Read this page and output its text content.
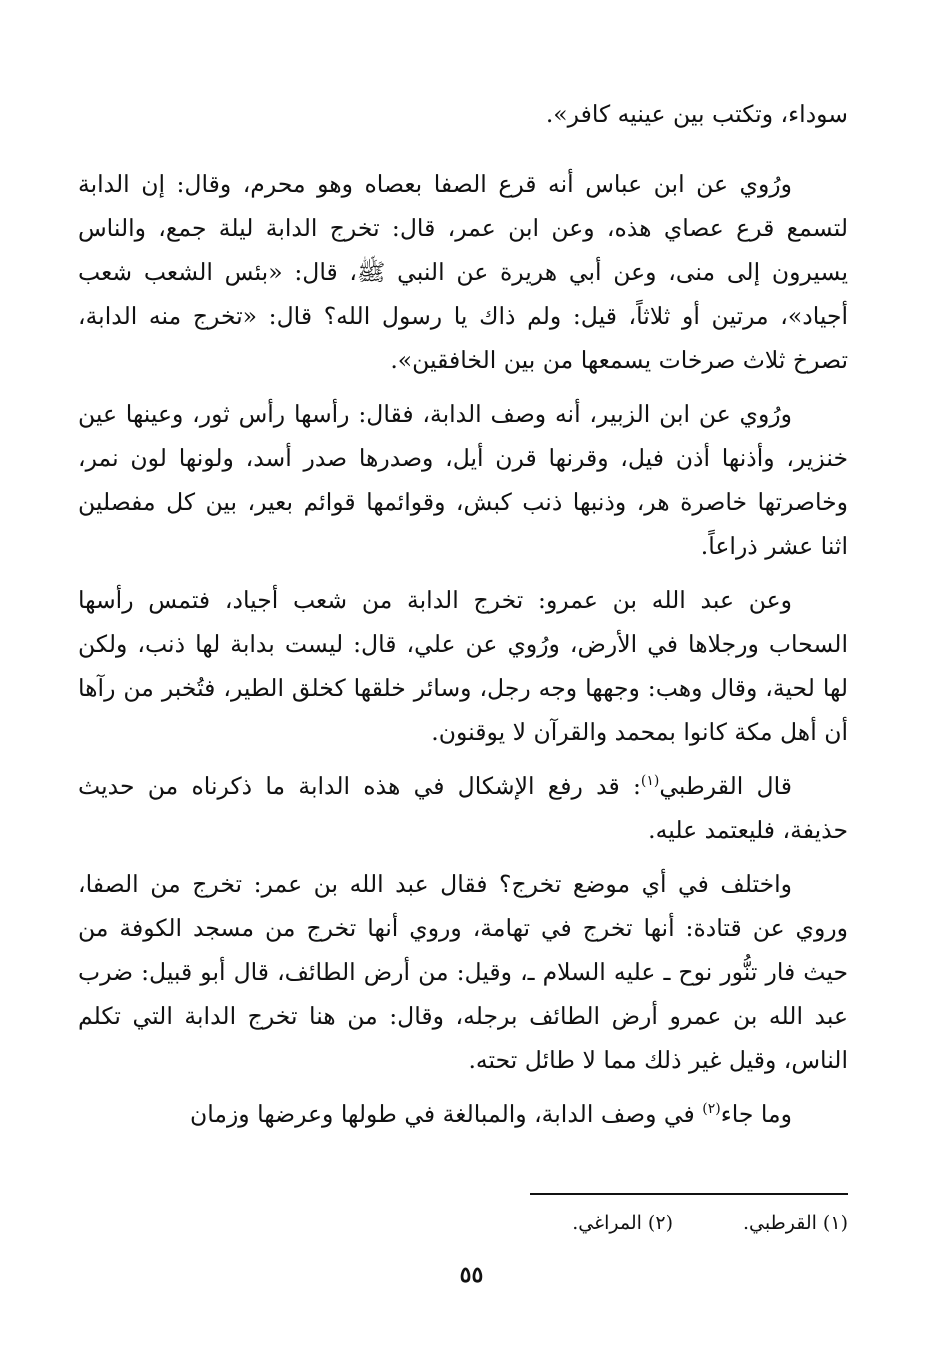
سوداء، وتكتب بين عينيه كافر».

ورُوي عن ابن عباس أنه قرع الصفا بعصاه وهو محرم، وقال: إن الدابة لتسمع قرع عصاي هذه، وعن ابن عمر، قال: تخرج الدابة ليلة جمع، والناس يسيرون إلى منى، وعن أبي هريرة عن النبي ﷺ، قال: «بئس الشعب شعب أجياد»، مرتين أو ثلاثاً، قيل: ولم ذاك يا رسول الله؟ قال: «تخرج منه الدابة، تصرخ ثلاث صرخات يسمعها من بين الخافقين».

ورُوي عن ابن الزبير، أنه وصف الدابة، فقال: رأسها رأس ثور، وعينها عين خنزير، وأذنها أذن فيل، وقرنها قرن أيل، وصدرها صدر أسد، ولونها لون نمر، وخاصرتها خاصرة هر، وذنبها ذنب كبش، وقوائمها قوائم بعير، بين كل مفصلين اثنا عشر ذراعاً.

وعن عبد الله بن عمرو: تخرج الدابة من شعب أجياد، فتمس رأسها السحاب ورجلاها في الأرض، ورُوي عن علي، قال: ليست بدابة لها ذنب، ولكن لها لحية، وقال وهب: وجهها وجه رجل، وسائر خلقها كخلق الطير، فتُخبر من رآها أن أهل مكة كانوا بمحمد والقرآن لا يوقنون.

قال القرطبي$^{(١)}$: قد رفع الإشكال في هذه الدابة ما ذكرناه من حديث حذيفة، فليعتمد عليه.

واختلف في أي موضع تخرج؟ فقال عبد الله بن عمر: تخرج من الصفا، وروي عن قتادة: أنها تخرج في تهامة، وروي أنها تخرج من مسجد الكوفة من حيث فار تنُّور نوح ـ عليه السلام ـ، وقيل: من أرض الطائف، قال أبو قبيل: ضرب عبد الله بن عمرو أرض الطائف برجله، وقال: من هنا تخرج الدابة التي تكلم الناس، وقيل غير ذلك مما لا طائل تحته.

وما جاء$^{(٢)}$ في وصف الدابة، والمبالغة في طولها وعرضها وزمان

(١) القرطبي.
(٢) المراغي.
٥٥
